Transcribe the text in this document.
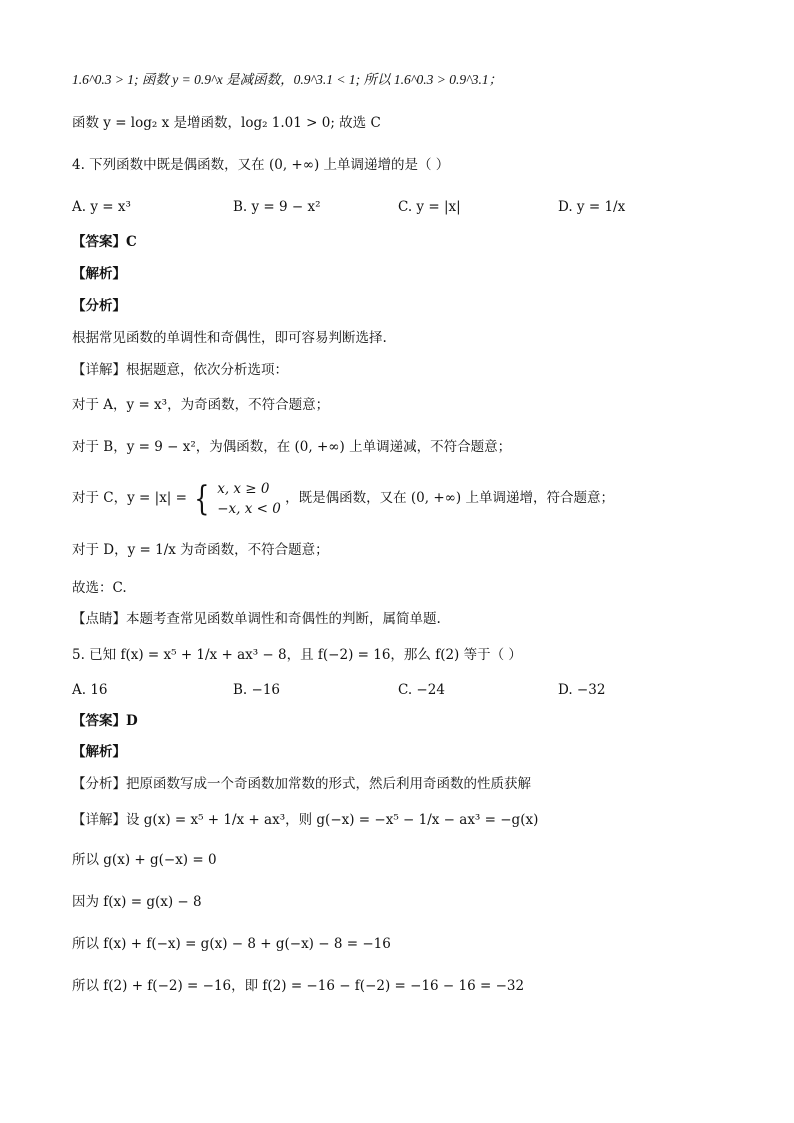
1.6^0.3 > 1; 函数 y = 0.9^x 是减函数，0.9^3.1 < 1; 所以 1.6^0.3 > 0.9^3.1；
函数 y = log₂ x 是增函数，log₂ 1.01 > 0; 故选 C
4. 下列函数中既是偶函数，又在 (0, +∞) 上单调递增的是（ ）
A. y = x³	B. y = 9 − x²	C. y = |x|	D. y = 1/x
【答案】C
【解析】
【分析】
根据常见函数的单调性和奇偶性，即可容易判断选择.
【详解】根据题意，依次分析选项：
对于 A，y = x³，为奇函数，不符合题意；
对于 B，y = 9 − x²，为偶函数，在 (0, +∞) 上单调递减，不符合题意；
对于 C，y = |x| = { x, x ≥ 0
−x, x < 0
，既是偶函数，又在 (0, +∞) 上单调递增，符合题意；
对于 D，y = 1/x 为奇函数，不符合题意；
故选：C.
【点睛】本题考查常见函数单调性和奇偶性的判断，属简单题.
5. 已知 f(x) = x⁵ + 1/x + ax³ − 8，且 f(−2) = 16，那么 f(2) 等于（ ）
A. 16	B. −16	C. −24	D. −32
【答案】D
【解析】
【分析】把原函数写成一个奇函数加常数的形式，然后利用奇函数的性质获解
【详解】设 g(x) = x⁵ + 1/x + ax³，则 g(−x) = −x⁵ − 1/x − ax³ = −g(x)
所以 g(x) + g(−x) = 0
因为 f(x) = g(x) − 8
所以 f(x) + f(−x) = g(x) − 8 + g(−x) − 8 = −16
所以 f(2) + f(−2) = −16，即 f(2) = −16 − f(−2) = −16 − 16 = −32
